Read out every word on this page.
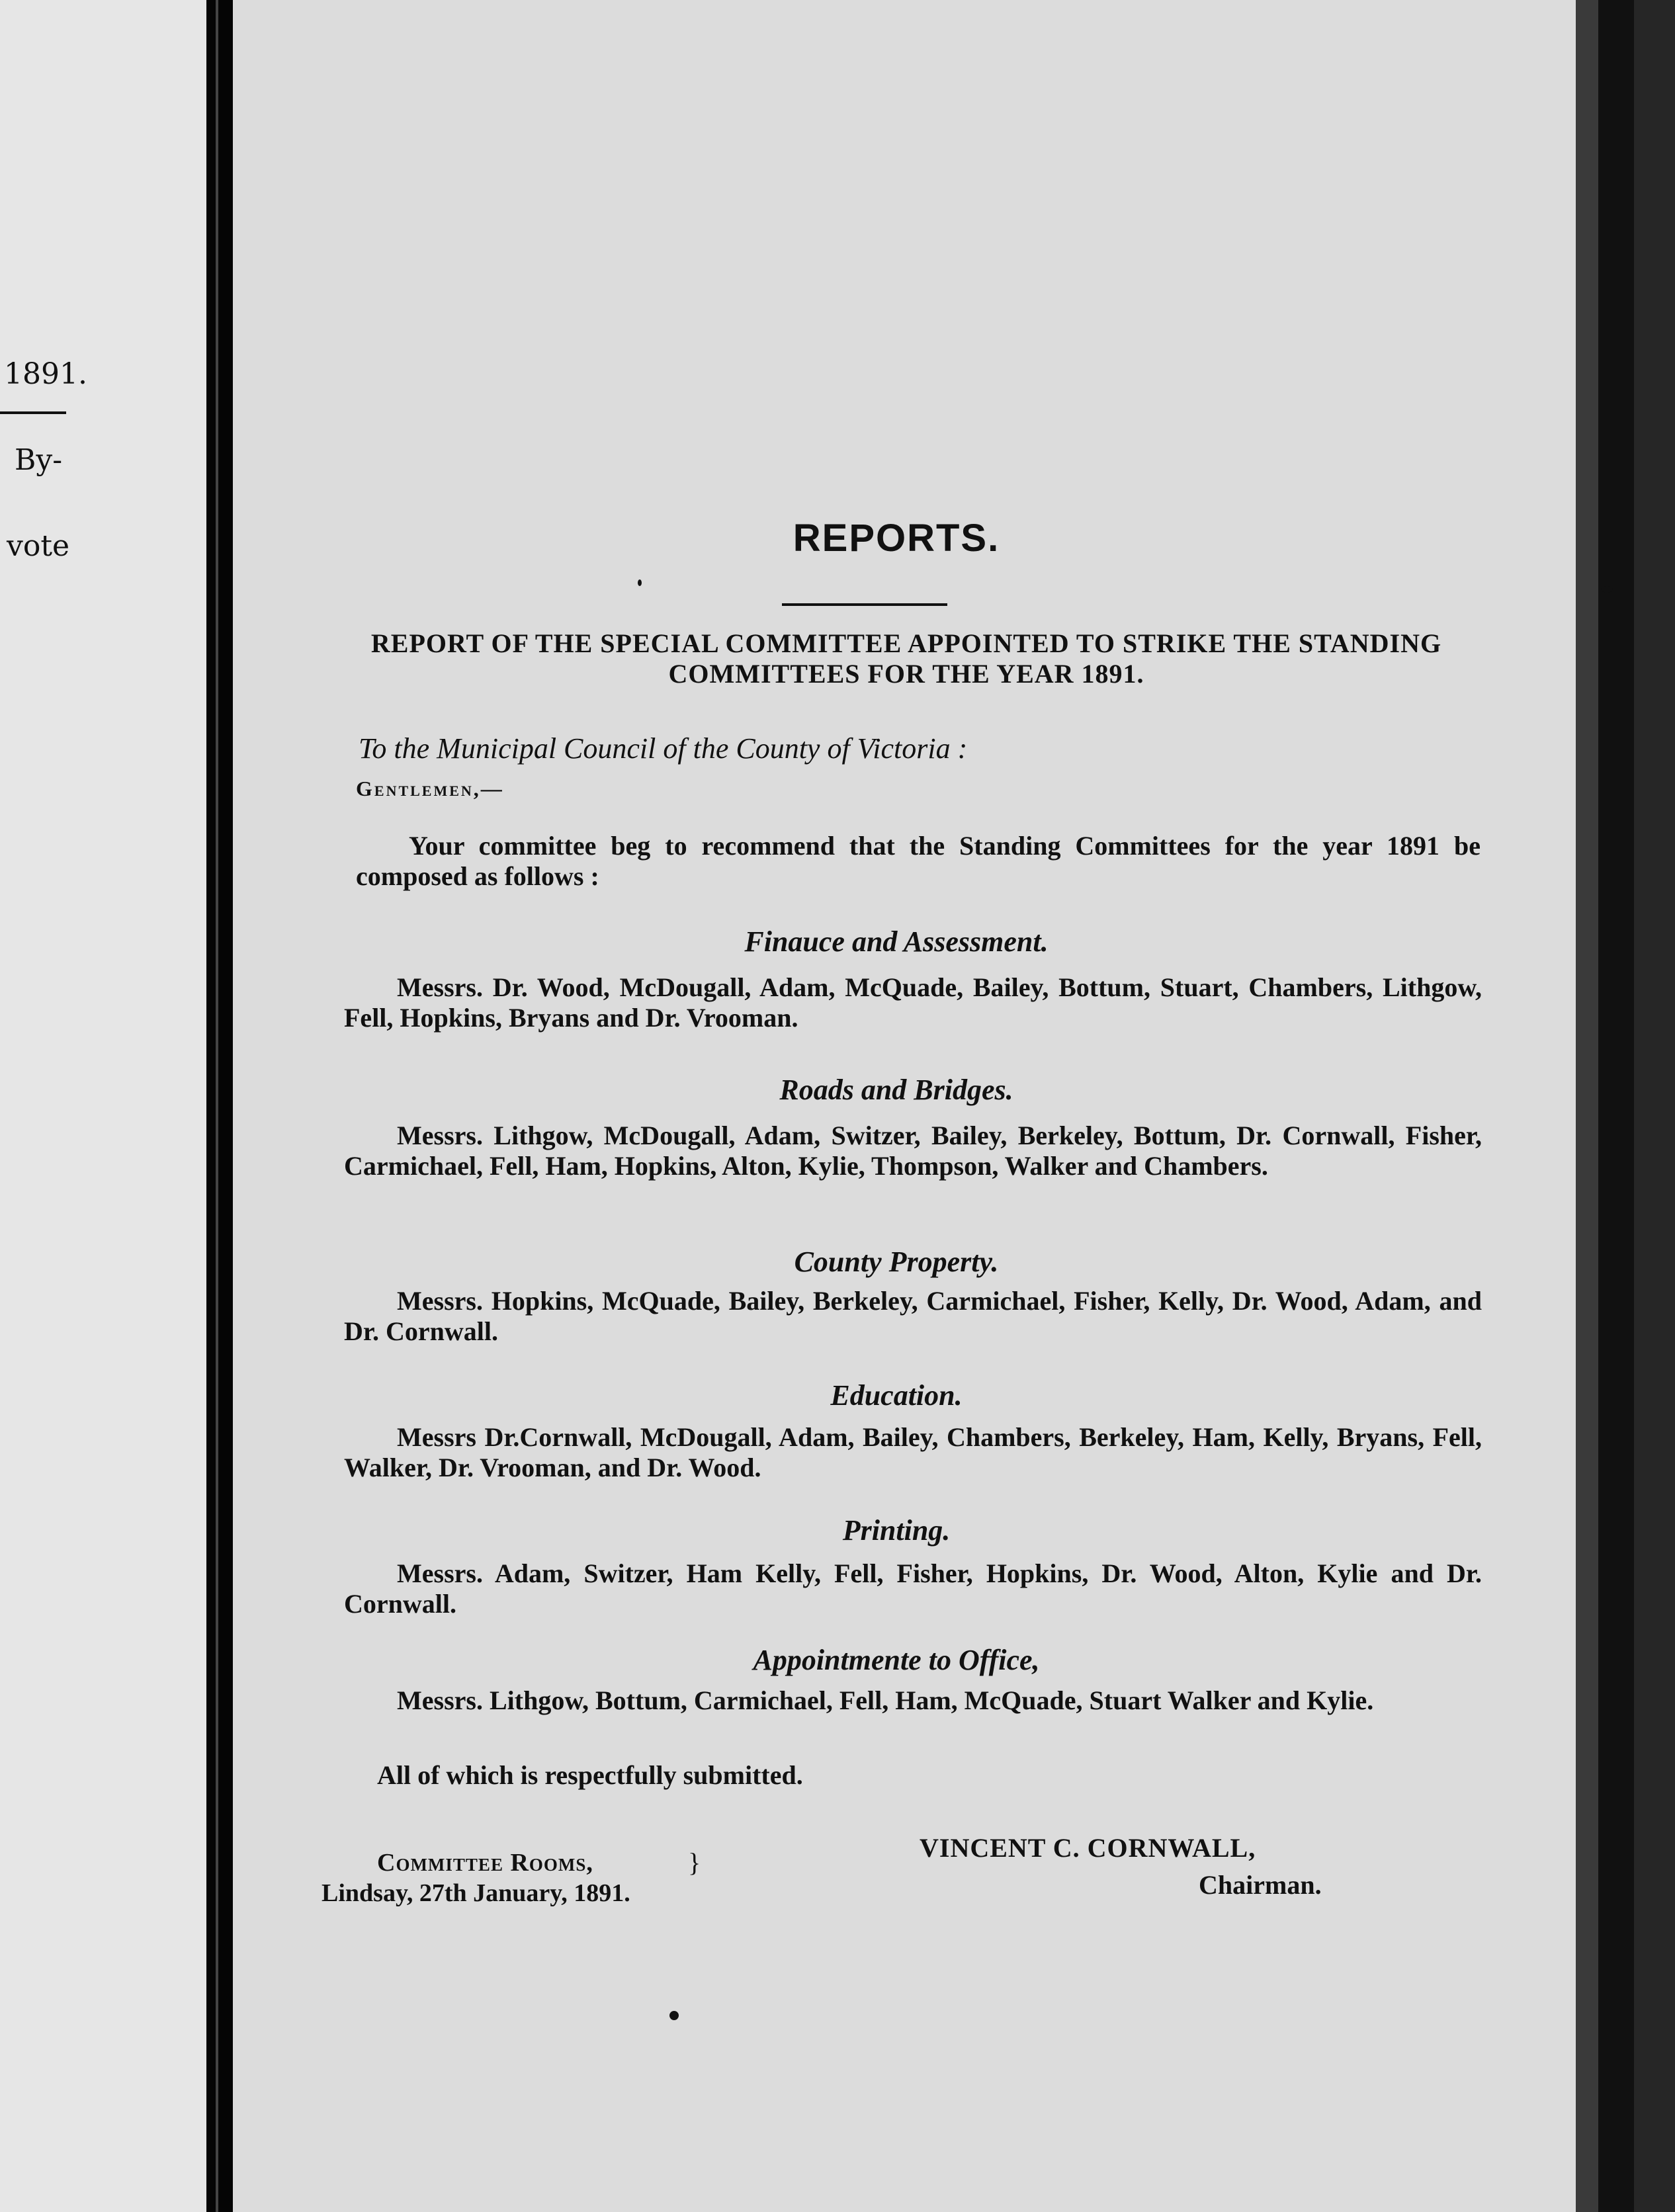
1891.
By-
vote	REPORTS.
REPORT OF THE SPECIAL COMMITTEE APPOINTED TO STRIKE THE STANDING COMMITTEES FOR THE YEAR 1891.
To the Municipal Council of the County of Victoria :
Gentlemen,—
Your committee beg to recommend that the Standing Committees for the year 1891 be composed as follows :
Finauce and Assessment.
Messrs. Dr. Wood, McDougall, Adam, McQuade, Bailey, Bottum, Stuart, Chambers, Lithgow, Fell, Hopkins, Bryans and Dr. Vrooman.
Roads and Bridges.
Messrs. Lithgow, McDougall, Adam, Switzer, Bailey, Berkeley, Bottum, Dr. Cornwall, Fisher, Carmichael, Fell, Ham, Hopkins, Alton, Kylie, Thompson, Walker and Chambers.
County Property.
Messrs. Hopkins, McQuade, Bailey, Berkeley, Carmichael, Fisher, Kelly, Dr. Wood, Adam, and Dr. Cornwall.
Education.
Messrs Dr.Cornwall, McDougall, Adam, Bailey, Chambers, Berkeley, Ham, Kelly, Bryans, Fell, Walker, Dr. Vrooman, and Dr. Wood.
Printing.
Messrs. Adam, Switzer, Ham Kelly, Fell, Fisher, Hopkins, Dr. Wood, Alton, Kylie and Dr. Cornwall.
Appointmente to Office,
Messrs. Lithgow, Bottum, Carmichael, Fell, Ham, McQuade, Stuart Walker and Kylie.
All of which is respectfully submitted.
Committee Rooms,
Lindsay, 27th January, 1891.
}	VINCENT C. CORNWALL,
Chairman.
